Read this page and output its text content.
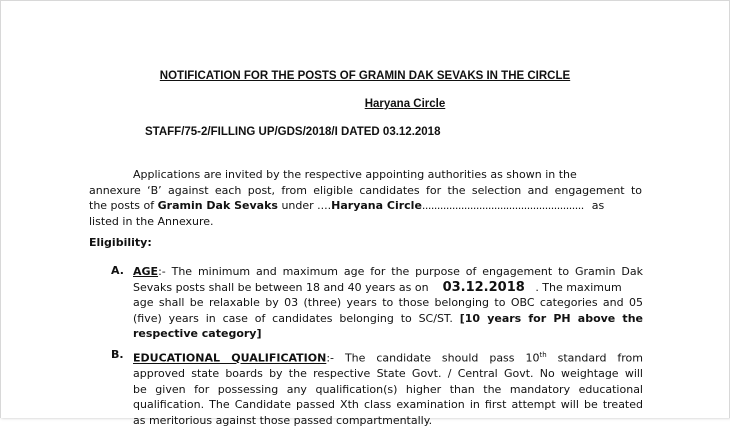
NOTIFICATION FOR THE POSTS OF GRAMIN DAK SEVAKS IN THE CIRCLE
Haryana Circle
STAFF/75-2/FILLING UP/GDS/2018/I DATED 03.12.2018
Applications are invited by the respective appointing authorities as shown in the
annexure ‘B’ against each post, from eligible candidates for the selection and engagement to
the posts of Gramin Dak Sevaks under ....Haryana Circle...................................................... as
listed in the Annexure.
Eligibility:
A. AGE:- The minimum and maximum age for the purpose of engagement to Gramin Dak
Sevaks posts shall be between 18 and 40 years as on 03.12.2018 . The maximum
age shall be relaxable by 03 (three) years to those belonging to OBC categories and 05
(five) years in case of candidates belonging to SC/ST. [10 years for PH above the
respective category]
B. EDUCATIONAL QUALIFICATION:- The candidate should pass 10th standard from
approved state boards by the respective State Govt. / Central Govt. No weightage will
be given for possessing any qualification(s) higher than the mandatory educational
qualification. The Candidate passed Xth class examination in first attempt will be treated
as meritorious against those passed compartmentally.
